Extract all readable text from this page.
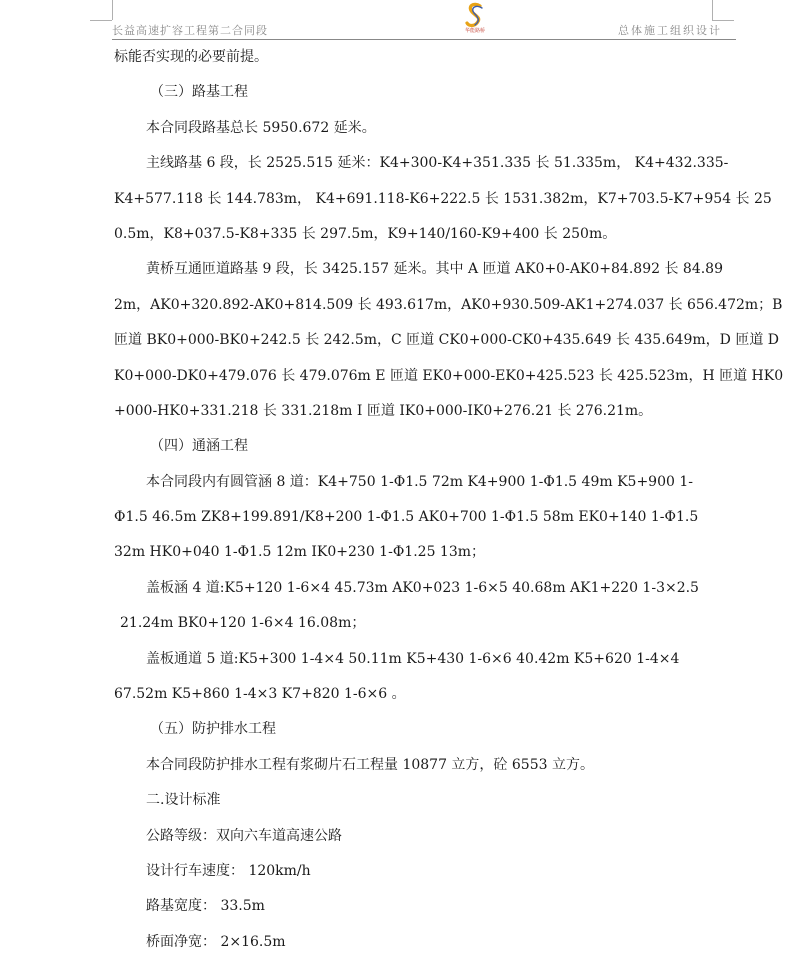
长益高速扩容工程第二合同段	华能路桥	总体施工组织设计
标能否实现的必要前提。
（三）路基工程
本合同段路基总长 5950.672 延米。
主线路基 6 段，长 2525.515 延米：K4+300-K4+351.335 长 51.335m， K4+432.335-
K4+577.118 长 144.783m， K4+691.118-K6+222.5 长 1531.382m，K7+703.5-K7+954 长 25
0.5m，K8+037.5-K8+335 长 297.5m，K9+140/160-K9+400 长 250m。
黄桥互通匝道路基 9 段，长 3425.157 延米。其中 A 匝道 AK0+0-AK0+84.892 长 84.89
2m，AK0+320.892-AK0+814.509 长 493.617m，AK0+930.509-AK1+274.037 长 656.472m；B
匝道 BK0+000-BK0+242.5 长 242.5m，C 匝道 CK0+000-CK0+435.649 长 435.649m，D 匝道 D
K0+000-DK0+479.076 长 479.076m E 匝道 EK0+000-EK0+425.523 长 425.523m，H 匝道 HK0
+000-HK0+331.218 长 331.218m I 匝道 IK0+000-IK0+276.21 长 276.21m。
（四）通涵工程
本合同段内有圆管涵 8 道：K4+750 1-Φ1.5 72m K4+900 1-Φ1.5 49m K5+900 1-
Φ1.5 46.5m ZK8+199.891/K8+200 1-Φ1.5 AK0+700 1-Φ1.5 58m EK0+140 1-Φ1.5
32m HK0+040 1-Φ1.5 12m IK0+230 1-Φ1.25 13m；
盖板涵 4 道:K5+120 1-6×4 45.73m AK0+023 1-6×5 40.68m AK1+220 1-3×2.5
21.24m BK0+120 1-6×4 16.08m；
盖板通道 5 道:K5+300 1-4×4 50.11m K5+430 1-6×6 40.42m K5+620 1-4×4
67.52m K5+860 1-4×3 K7+820 1-6×6 。
（五）防护排水工程
本合同段防护排水工程有浆砌片石工程量 10877 立方，砼 6553 立方。
二.设计标准
公路等级：双向六车道高速公路
设计行车速度： 120km/h
路基宽度： 33.5m
桥面净宽： 2×16.5m
